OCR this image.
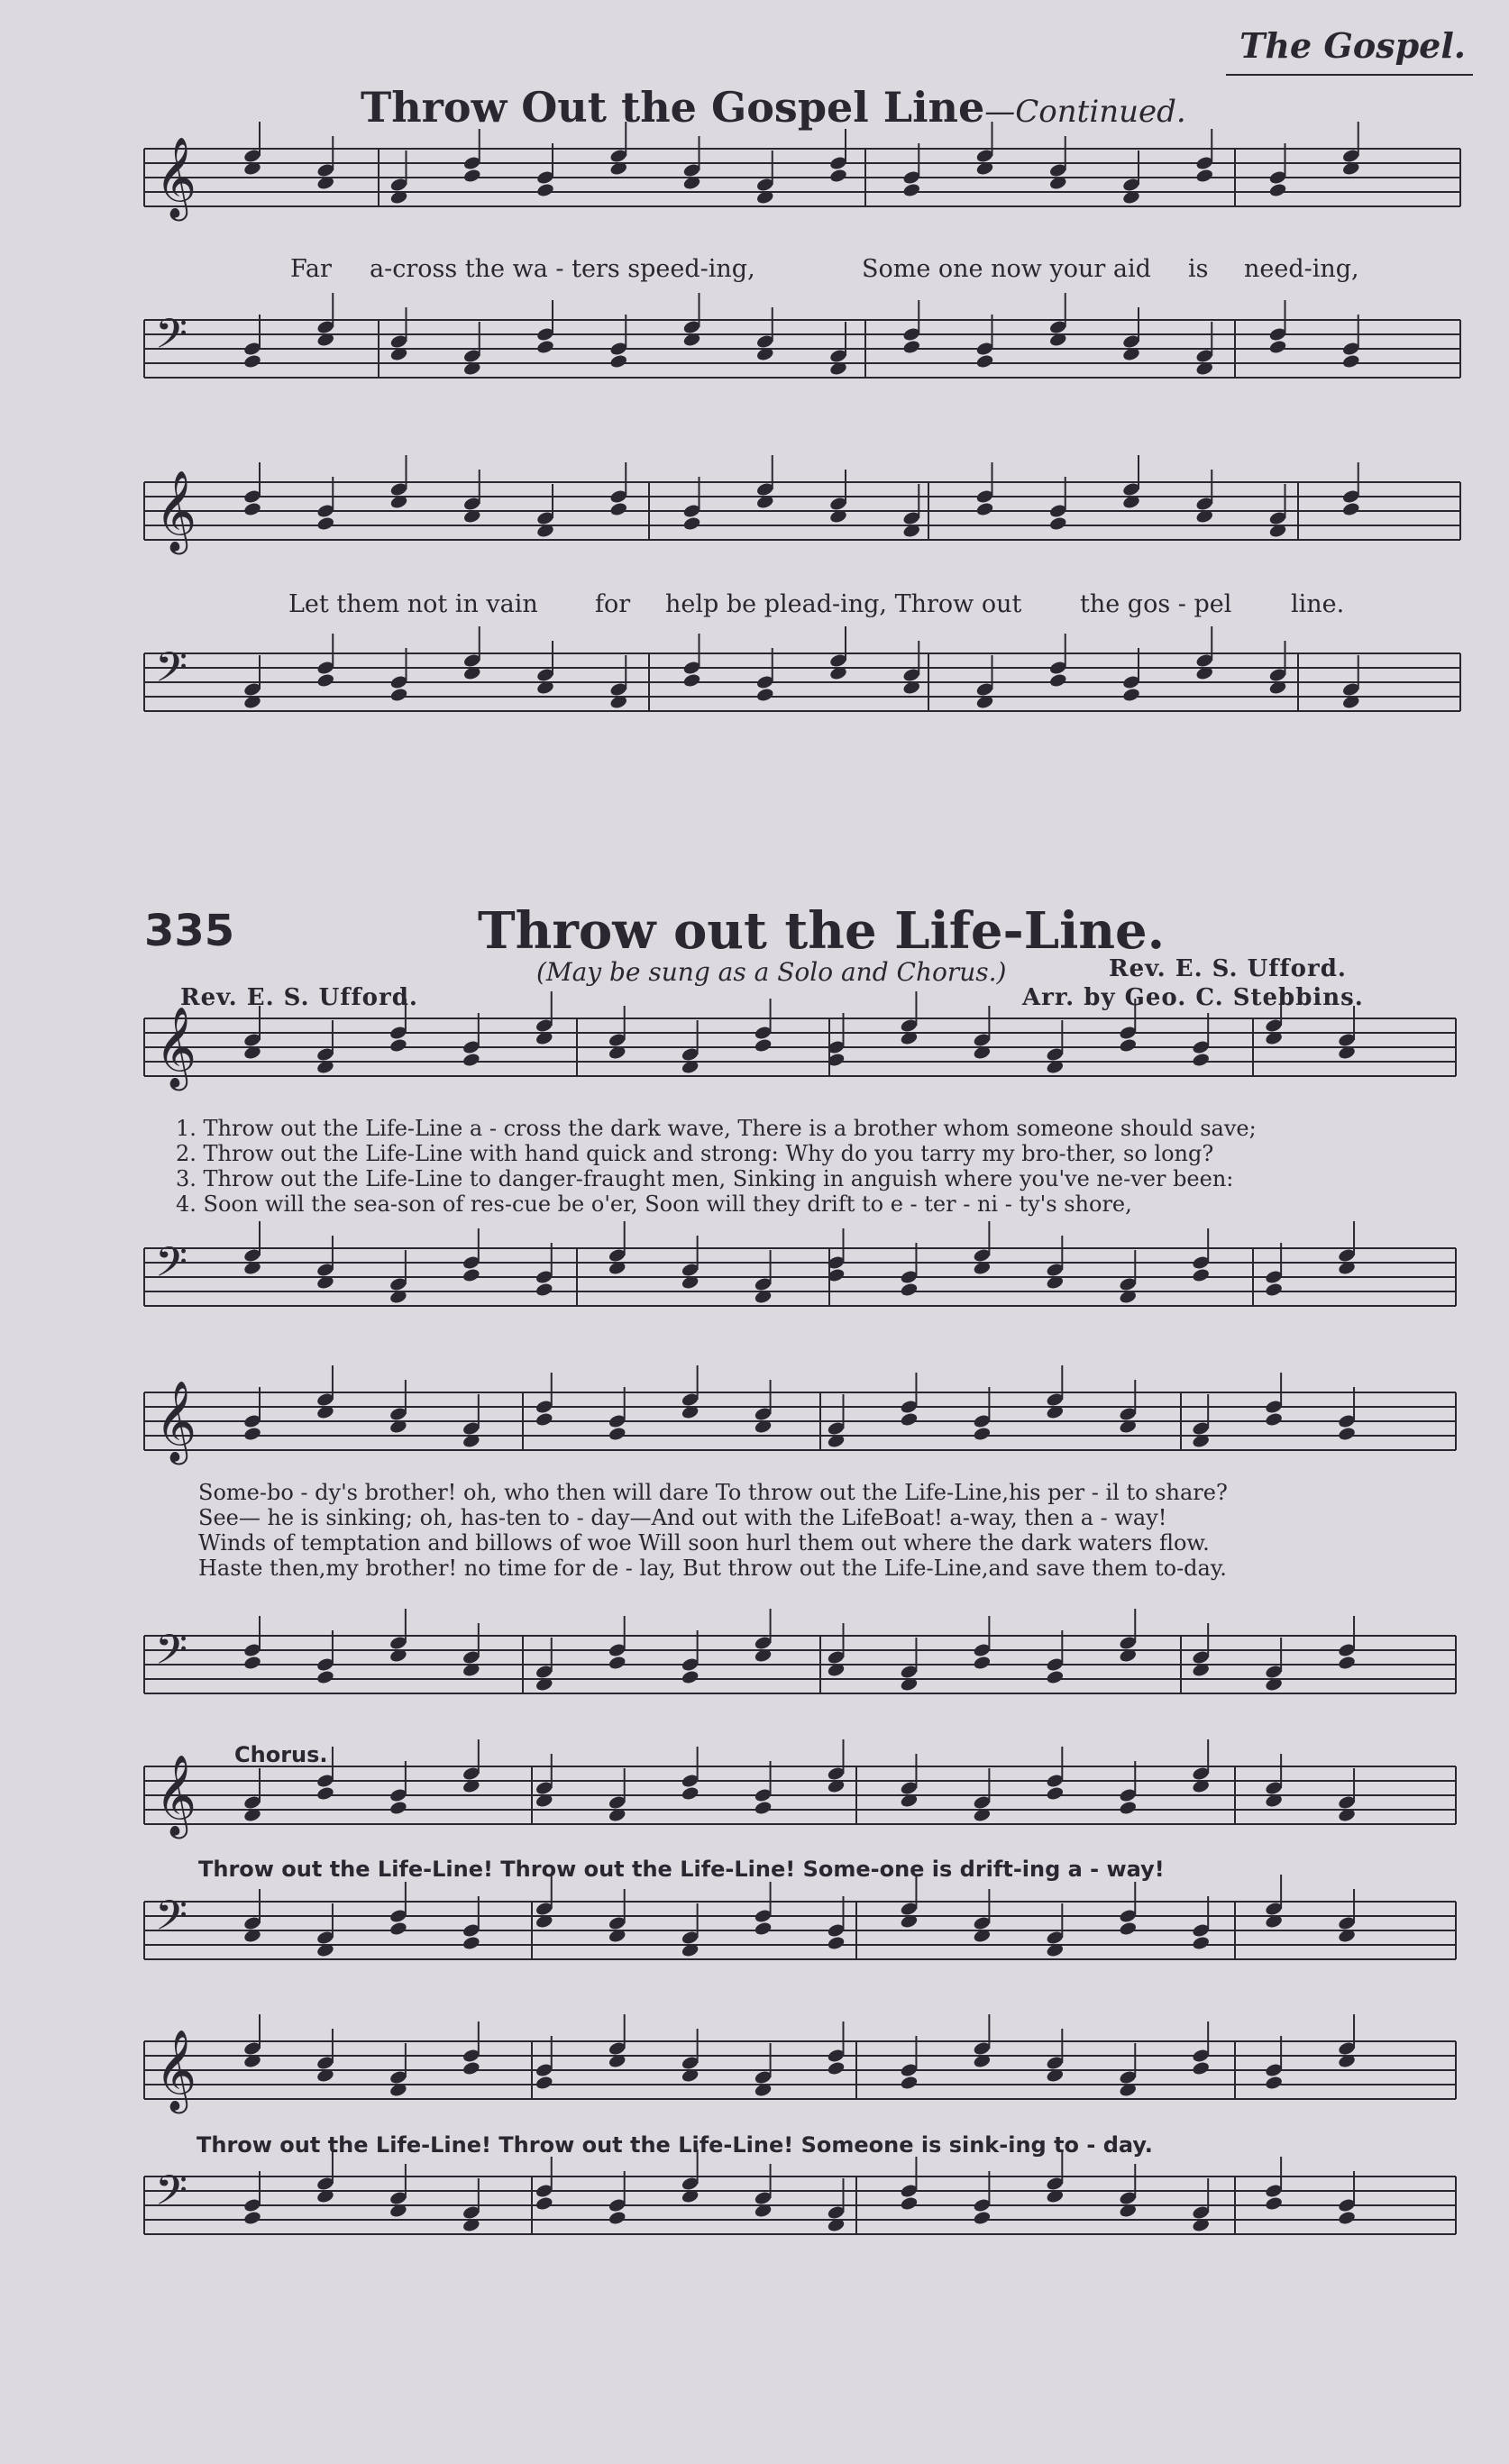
The Gospel.
Throw Out the Gospel Line—Continued.
𝄞
𝄢
𝄞
𝄢
𝄞
𝄢
𝄞
𝄢
𝄞
𝄢
𝄞
𝄢
Far a-cross the wa - ters speed-ing,	Some one now your aid is need-ing,
Let them not in vain for help be plead-ing, Throw out the gos - pel line.
335	Throw out the Life-Line.
(May be sung as a Solo and Chorus.)	Rev. E. S. Ufford.
Rev. E. S. Ufford.	Arr. by Geo. C. Stebbins.
1. Throw out the Life-Line a - cross the dark wave, There is a brother whom someone should save;
2. Throw out the Life-Line with hand quick and strong: Why do you tarry my bro-ther, so long?
3. Throw out the Life-Line to danger-fraught men, Sinking in anguish where you've ne-ver been:
4. Soon will the sea-son of res-cue be o'er, Soon will they drift to e - ter - ni - ty's shore,
Some-bo - dy's brother! oh, who then will dare To throw out the Life-Line,his per - il to share?
See— he is sinking; oh, has-ten to - day—And out with the LifeBoat! a-way, then a - way!
Winds of temptation and billows of woe Will soon hurl them out where the dark waters flow.
Haste then,my brother! no time for de - lay, But throw out the Life-Line,and save them to-day.
Chorus.
Throw out the Life-Line! Throw out the Life-Line! Some-one is drift-ing a - way!
Throw out the Life-Line! Throw out the Life-Line! Someone is sink-ing to - day.
